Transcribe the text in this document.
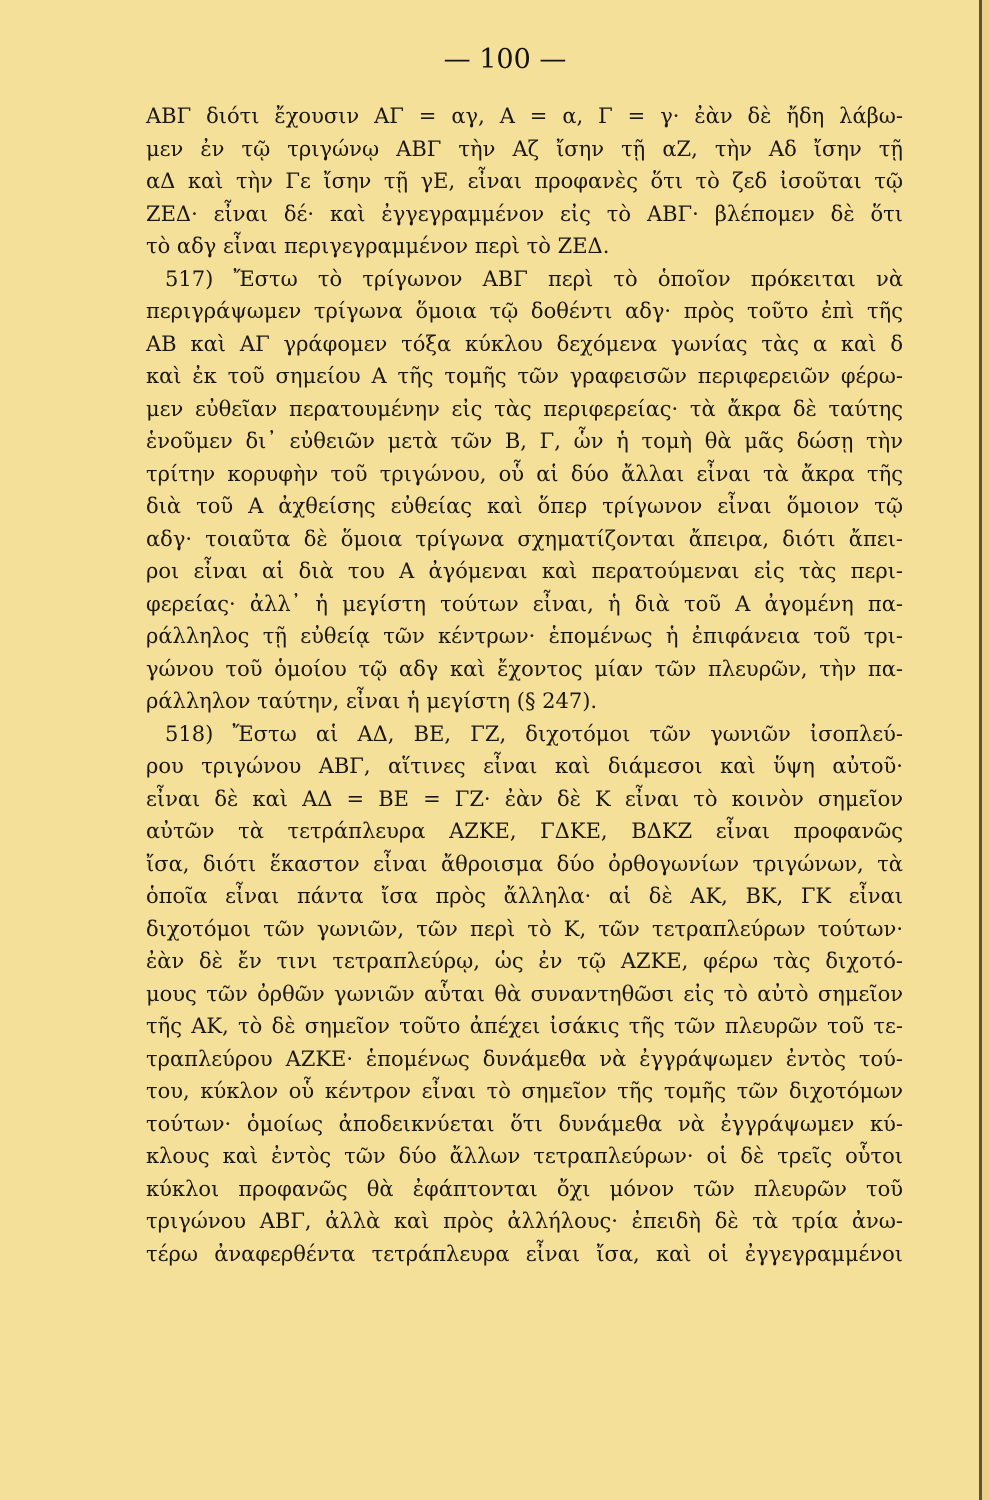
— 100 —
ΑΒΓ διότι ἔχουσιν ΑΓ = αγ, Α = α, Γ = γ· ἐὰν δὲ ἤδη λάβω-
μεν ἐν τῷ τριγώνῳ ΑΒΓ τὴν Αζ ἴσην τῇ αΖ, τὴν Αδ ἴσην τῇ
αΔ καὶ τὴν Γε ἴσην τῇ γΕ, εἶναι προφανὲς ὅτι τὸ ζεδ ἰσοῦται τῷ
ΖΕΔ· εἶναι δέ· καὶ ἐγγεγραμμένον εἰς τὸ ΑΒΓ· βλέπομεν δὲ ὅτι
τὸ αδγ εἶναι περιγεγραμμένον περὶ τὸ ΖΕΔ.
517) Ἔστω τὸ τρίγωνον ΑΒΓ περὶ τὸ ὁποῖον πρόκειται νὰ
περιγράψωμεν τρίγωνα ὅμοια τῷ δοθέντι αδγ· πρὸς τοῦτο ἐπὶ τῆς
ΑΒ καὶ ΑΓ γράφομεν τόξα κύκλου δεχόμενα γωνίας τὰς α καὶ δ
καὶ ἐκ τοῦ σημείου Α τῆς τομῆς τῶν γραφεισῶν περιφερειῶν φέρω-
μεν εὐθεῖαν περατουμένην εἰς τὰς περιφερείας· τὰ ἄκρα δὲ ταύτης
ἑνοῦμεν δι᾽ εὐθειῶν μετὰ τῶν Β, Γ, ὧν ἡ τομὴ θὰ μᾶς δώσῃ τὴν
τρίτην κορυφὴν τοῦ τριγώνου, οὗ αἱ δύο ἄλλαι εἶναι τὰ ἄκρα τῆς
διὰ τοῦ Α ἀχθείσης εὐθείας καὶ ὅπερ τρίγωνον εἶναι ὅμοιον τῷ
αδγ· τοιαῦτα δὲ ὅμοια τρίγωνα σχηματίζονται ἄπειρα, διότι ἄπει-
ροι εἶναι αἱ διὰ του Α ἀγόμεναι καὶ περατούμεναι εἰς τὰς περι-
φερείας· ἀλλ᾽ ἡ μεγίστη τούτων εἶναι, ἡ διὰ τοῦ Α ἀγομένη πα-
ράλληλος τῇ εὐθείᾳ τῶν κέντρων· ἑπομένως ἡ ἐπιφάνεια τοῦ τρι-
γώνου τοῦ ὁμοίου τῷ αδγ καὶ ἔχοντος μίαν τῶν πλευρῶν, τὴν πα-
ράλληλον ταύτην, εἶναι ἡ μεγίστη (§ 247).
518) Ἔστω αἱ ΑΔ, ΒΕ, ΓΖ, διχοτόμοι τῶν γωνιῶν ἰσοπλεύ-
ρου τριγώνου ΑΒΓ, αἵτινες εἶναι καὶ διάμεσοι καὶ ὕψη αὐτοῦ·
εἶναι δὲ καὶ ΑΔ = ΒΕ = ΓΖ· ἐὰν δὲ Κ εἶναι τὸ κοινὸν σημεῖον
αὐτῶν τὰ τετράπλευρα ΑΖΚΕ, ΓΔΚΕ, ΒΔΚΖ εἶναι προφανῶς
ἴσα, διότι ἕκαστον εἶναι ἄθροισμα δύο ὀρθογωνίων τριγώνων, τὰ
ὁποῖα εἶναι πάντα ἴσα πρὸς ἄλληλα· αἱ δὲ ΑΚ, ΒΚ, ΓΚ εἶναι
διχοτόμοι τῶν γωνιῶν, τῶν περὶ τὸ Κ, τῶν τετραπλεύρων τούτων·
ἐὰν δὲ ἔν τινι τετραπλεύρῳ, ὡς ἐν τῷ ΑΖΚΕ, φέρω τὰς διχοτό-
μους τῶν ὀρθῶν γωνιῶν αὗται θὰ συναντηθῶσι εἰς τὸ αὐτὸ σημεῖον
τῆς ΑΚ, τὸ δὲ σημεῖον τοῦτο ἀπέχει ἰσάκις τῆς τῶν πλευρῶν τοῦ τε-
τραπλεύρου ΑΖΚΕ· ἑπομένως δυνάμεθα νὰ ἐγγράψωμεν ἐντὸς τού-
του, κύκλον οὗ κέντρον εἶναι τὸ σημεῖον τῆς τομῆς τῶν διχοτόμων
τούτων· ὁμοίως ἀποδεικνύεται ὅτι δυνάμεθα νὰ ἐγγράψωμεν κύ-
κλους καὶ ἐντὸς τῶν δύο ἄλλων τετραπλεύρων· οἱ δὲ τρεῖς οὗτοι
κύκλοι προφανῶς θὰ ἐφάπτονται ὄχι μόνον τῶν πλευρῶν τοῦ
τριγώνου ΑΒΓ, ἀλλὰ καὶ πρὸς ἀλλήλους· ἐπειδὴ δὲ τὰ τρία ἀνω-
τέρω ἀναφερθέντα τετράπλευρα εἶναι ἴσα, καὶ οἱ ἐγγεγραμμένοι
